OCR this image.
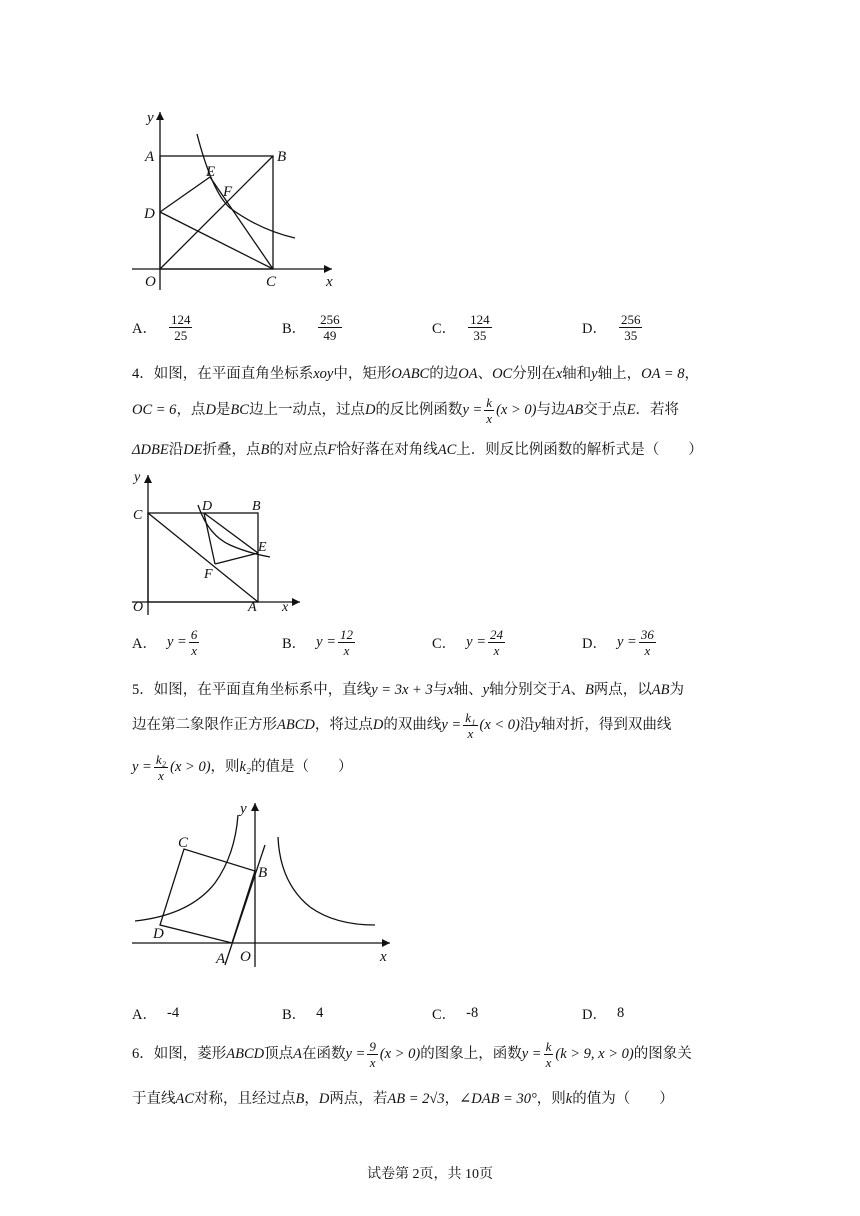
y
A	B
E
F
D
O	C	x
A． $\frac{124}{25}$	B． $\frac{256}{49}$	C． $\frac{124}{35}$	D． $\frac{256}{35}$
4．如图，在平面直角坐标系xoy中，矩形OABC的边OA、OC分别在x轴和y轴上，OA = 8，
OC = 6，点D是BC边上一动点，过点D的反比例函数$y = \frac{k}{x} (x > 0)$与边AB交于点E．若将
ΔDBE沿DE折叠，点B的对应点F恰好落在对角线AC上．则反比例函数的解析式是（　　）
y
C
D	B
E
F
O	A x
A． $y = \frac{6}{x}$	B． $y = \frac{12}{x}$	C． $y = \frac{24}{x}$	D． $y = \frac{36}{x}$
5．如图，在平面直角坐标系中，直线y = 3x + 3与x轴、y轴分别交于A、B两点，以AB为
边在第二象限作正方形ABCD，将过点D的双曲线$y = \frac{\text{k₁}}{x} (x < 0)$沿y轴对折，得到双曲线
$y = \frac{\text{k₂}}{x} (x > 0)$，则k₂的值是（　　）
y
C
B
D
A O	x
A． -4	B． 4	C． -8	D． 8
6．如图，菱形ABCD顶点A在函数$y = \frac{9}{x} (x > 0)$的图象上，函数$y = \frac{k}{x} (k > 9$, x > 0)的图象关
于直线AC对称，且经过点B，D两点，若AB = 2√3，∠DAB = 30°，则k的值为（　　）
试卷第 2页，共 10页
